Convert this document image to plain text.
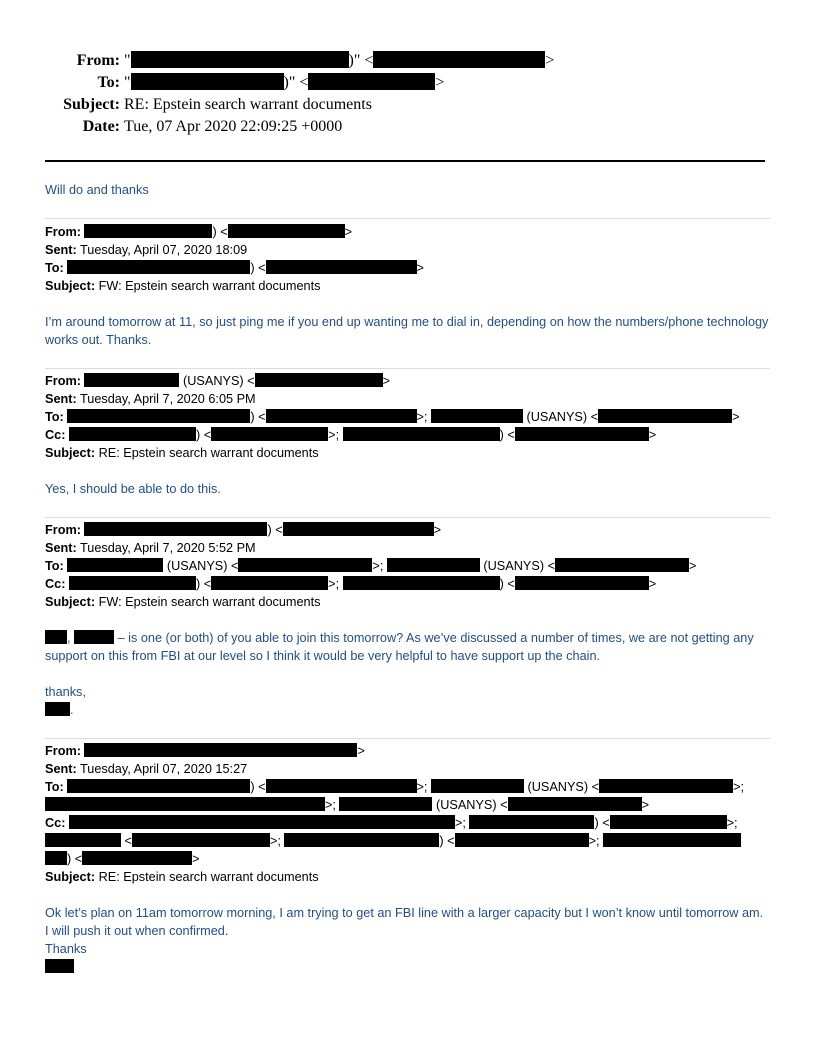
From: "	)" <	>
To: "	)" <	>
Subject: RE: Epstein search warrant documents
Date: Tue, 07 Apr 2020 22:09:25 +0000
Will do and thanks
From:	) <	>
Sent: Tuesday, April 07, 2020 18:09
To:	) <	>
Subject: FW: Epstein search warrant documents
I’m around tomorrow at 11, so just ping me if you end up wanting me to dial in, depending on how the numbers/phone technology works out. Thanks.
From:	(USANYS) <	>
Sent: Tuesday, April 7, 2020 6:05 PM
To:	) <	>;	(USANYS) <	>
Cc:	) <	>;	) <	>
Subject: RE: Epstein search warrant documents
Yes, I should be able to do this.
From:	) <	>
Sent: Tuesday, April 7, 2020 5:52 PM
To:	(USANYS) <	>;	(USANYS) <	>
Cc:	) <	>;	) <	>
Subject: FW: Epstein search warrant documents
,	– is one (or both) of you able to join this tomorrow? As we’ve discussed a number of times, we are not getting any support on this from FBI at our level so I think it would be very helpful to have support up the chain.
thanks,
.
From:	>
Sent: Tuesday, April 07, 2020 15:27
To:	) <	>;	(USANYS) <	>;
>;	(USANYS) <	>
Cc:	>;	) <	>;
<	>;	) <	>;
) <	>
Subject: RE: Epstein search warrant documents
Ok let’s plan on 11am tomorrow morning, I am trying to get an FBI line with a larger capacity but I won’t know until tomorrow am. I will push it out when confirmed.
Thanks
